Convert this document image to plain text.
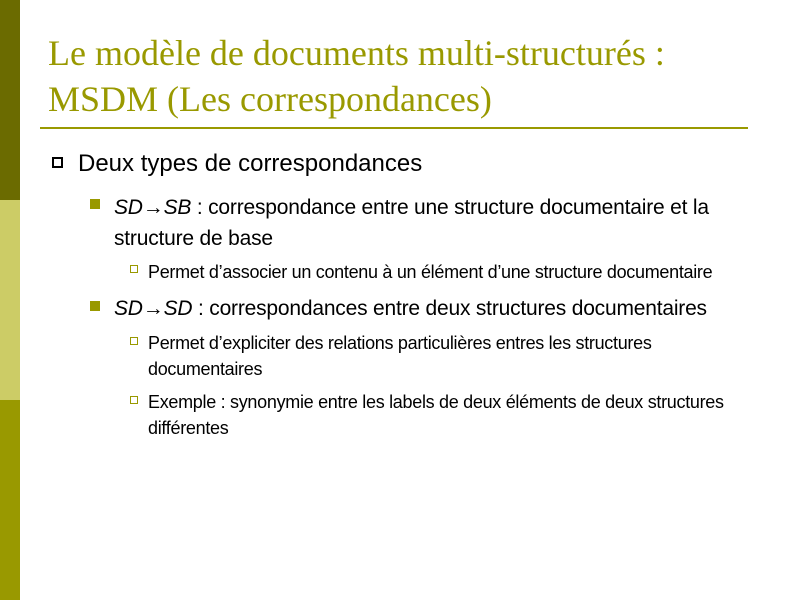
Le modèle de documents multi-structurés :
MSDM (Les correspondances)
Deux types de correspondances
SD→SB : correspondance entre une structure documentaire et la
structure de base
Permet d’associer un contenu à un élément d’une structure documentaire
SD→SD : correspondances entre deux structures documentaires
Permet d’expliciter des relations particulières entres les structures
documentaires
Exemple : synonymie entre les labels de deux éléments de deux structures
différentes
